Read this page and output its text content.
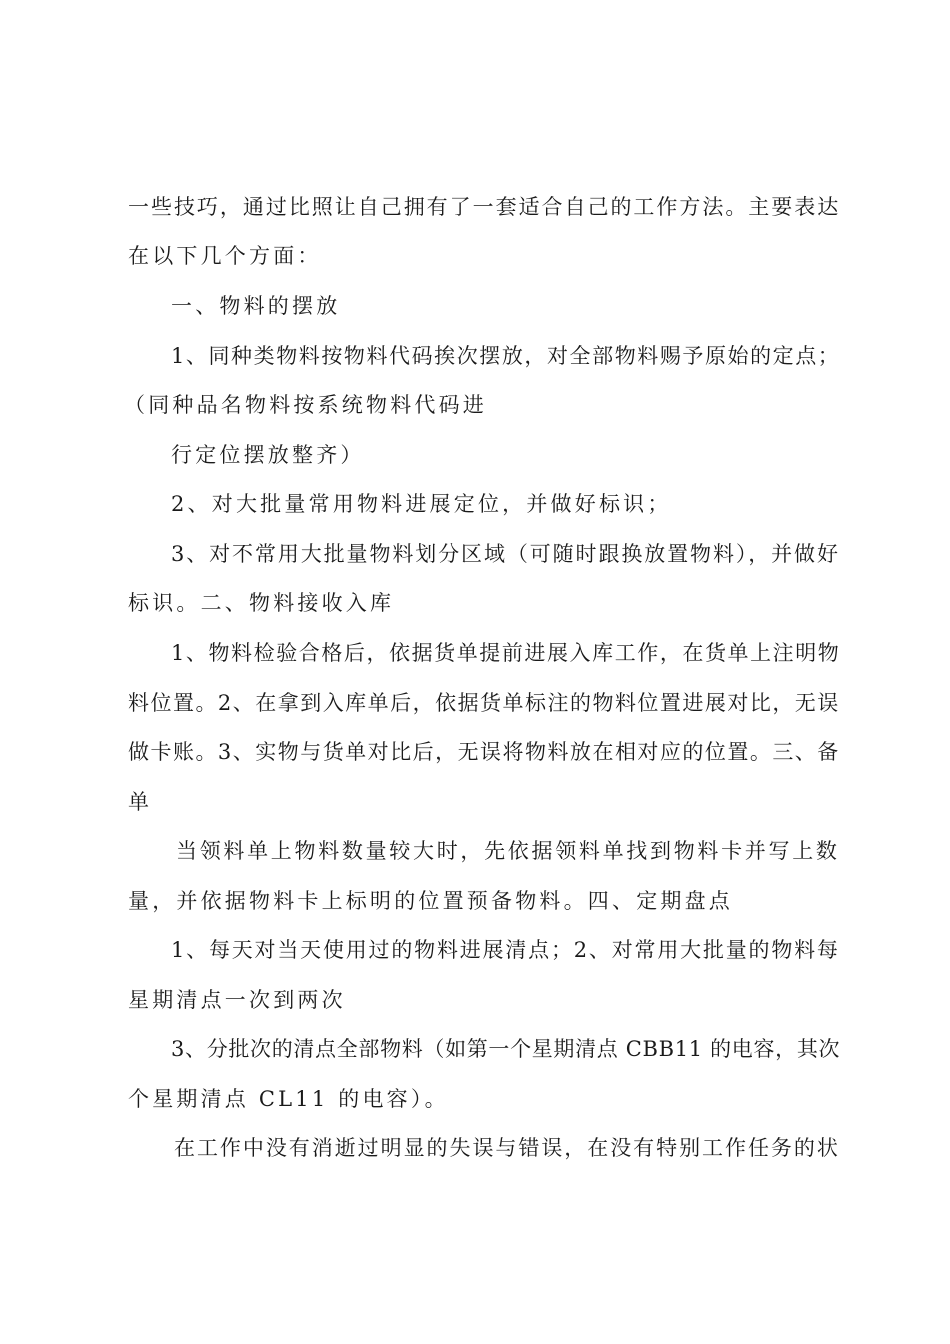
一些技巧，通过比照让自己拥有了一套适合自己的工作方法。主要表达
在以下几个方面：
一、物料的摆放
1、同种类物料按物料代码挨次摆放，对全部物料赐予原始的定点；
（同种品名物料按系统物料代码进
行定位摆放整齐）
2、对大批量常用物料进展定位，并做好标识；
3、对不常用大批量物料划分区域（可随时跟换放置物料），并做好
标识。二、物料接收入库
1、物料检验合格后，依据货单提前进展入库工作，在货单上注明物
料位置。2、在拿到入库单后，依据货单标注的物料位置进展对比，无误
做卡账。3、实物与货单对比后，无误将物料放在相对应的位置。三、备
单
当领料单上物料数量较大时，先依据领料单找到物料卡并写上数
量，并依据物料卡上标明的位置预备物料。四、定期盘点
1、每天对当天使用过的物料进展清点；2、对常用大批量的物料每
星期清点一次到两次
3、分批次的清点全部物料（如第一个星期清点 CBB11 的电容，其次
个星期清点 CL11 的电容）。
在工作中没有消逝过明显的失误与错误，在没有特别工作任务的状
